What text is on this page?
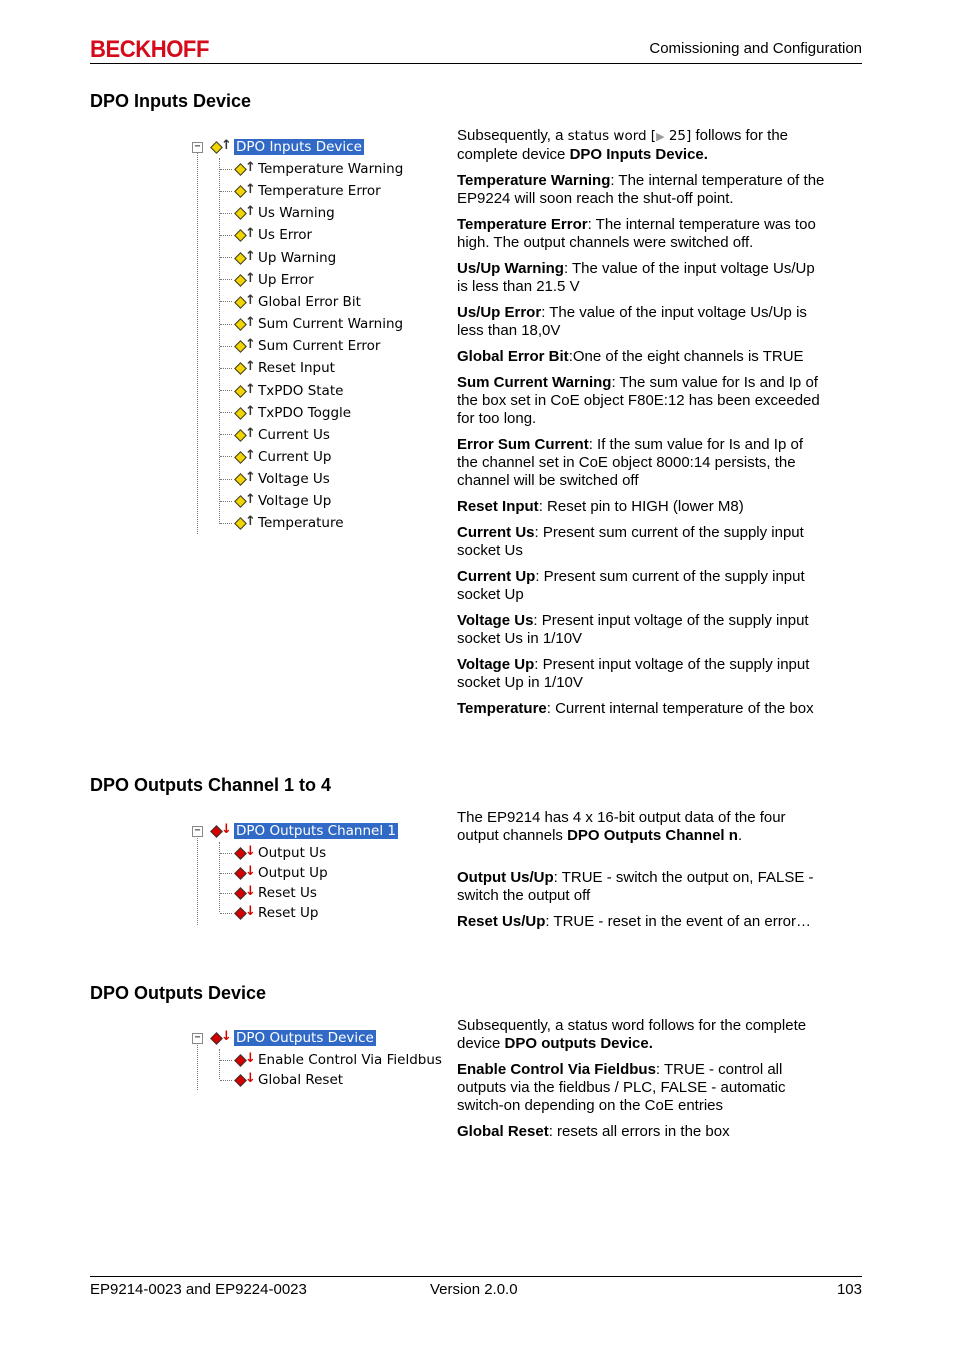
BECKHOFF	Comissioning and Configuration
DPO Inputs Device
− ↑ DPO Inputs Device
↑ Temperature Warning
↑ Temperature Error
↑ Us Warning
↑ Us Error
↑ Up Warning
↑ Up Error
↑ Global Error Bit
↑ Sum Current Warning
↑ Sum Current Error
↑ Reset Input
↑ TxPDO State
↑ TxPDO Toggle
↑ Current Us
↑ Current Up
↑ Voltage Us
↑ Voltage Up
↑ Temperature

Subsequently, a status word [▶ 25] follows for the complete device DPO Inputs Device.

Temperature Warning: The internal temperature of the EP9224 will soon reach the shut-off point.

Temperature Error: The internal temperature was too high. The output channels were switched off.

Us/Up Warning: The value of the input voltage Us/Up is less than 21.5 V

Us/Up Error: The value of the input voltage Us/Up is less than 18,0V

Global Error Bit:One of the eight channels is TRUE

Sum Current Warning: The sum value for Is and Ip of the box set in CoE object F80E:12 has been exceeded for too long.

Error Sum Current: If the sum value for Is and Ip of the channel set in CoE object 8000:14 persists, the channel will be switched off

Reset Input: Reset pin to HIGH (lower M8)

Current Us: Present sum current of the supply input socket Us

Current Up: Present sum current of the supply input socket Up

Voltage Us: Present input voltage of the supply input socket Us in 1/10V

Voltage Up: Present input voltage of the supply input socket Up in 1/10V

Temperature: Current internal temperature of the box

DPO Outputs Channel 1 to 4
− ↓ DPO Outputs Channel 1
↓ Output Us
↓ Output Up
↓ Reset Us
↓ Reset Up

The EP9214 has 4 x 16-bit output data of the four output channels DPO Outputs Channel n.

Output Us/Up: TRUE - switch the output on, FALSE - switch the output off

Reset Us/Up: TRUE - reset in the event of an error…

DPO Outputs Device
− ↓ DPO Outputs Device
↓ Enable Control Via Fieldbus
↓ Global Reset

Subsequently, a status word follows for the complete device DPO outputs Device.

Enable Control Via Fieldbus: TRUE - control all outputs via the fieldbus / PLC, FALSE - automatic switch-on depending on the CoE entries

Global Reset: resets all errors in the box

EP9214-0023 and EP9224-0023	Version 2.0.0	103
